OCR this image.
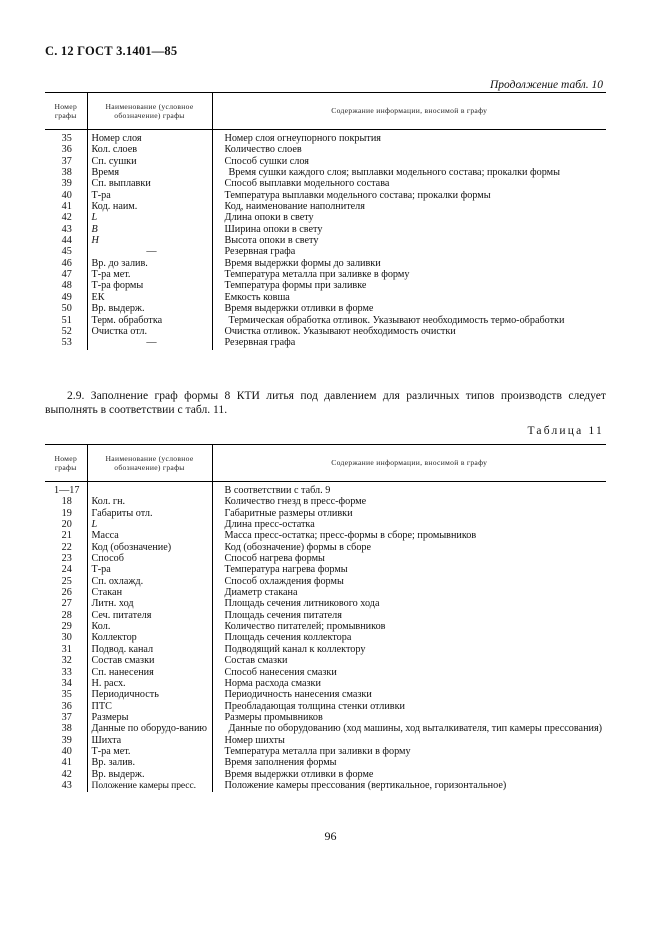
С. 12 ГОСТ 3.1401—85
Продолжение табл. 10
Номер графы	Наименование (условное обозначение) графы	Содержание информации, вносимой в графу
35	Номер слоя	Номер слоя огнеупорного покрытия
36	Кол. слоев	Количество слоев
37	Сп. сушки	Способ сушки слоя
38	Время	Время сушки каждого слоя; выплавки модельного состава; прокалки формы

39	Сп. выплавки	Способ выплавки модельного состава
40	Т-ра	Температура выплавки модельного состава; прокалки формы
41	Код. наим.	Код, наименование наполнителя
42	L	Длина опоки в свету
43	B	Ширина опоки в свету
44	H	Высота опоки в свету
45	—	Резервная графа
46	Вр. до залив.	Время выдержки формы до заливки
47	Т-ра мет.	Температура металла при заливке в форму
48	Т-ра формы	Температура формы при заливке
49	ЕК	Емкость ковша
50	Вр. выдерж.	Время выдержки отливки в форме
51	Терм. обработка	Термическая обработка отливок. Указывают необходимость термо-обработки

52	Очистка отл.	Очистка отливок. Указывают необходимость очистки
53	—	Резервная графа

2.9. Заполнение граф формы 8 КТИ литья под давлением для различных типов производств следует выполнять в соответствии с табл. 11.

Таблица 11
Номер графы	Наименование (условное обозначение) графы	Содержание информации, вносимой в графу
1—17		В соответствии с табл. 9
18	Кол. гн.	Количество гнезд в пресс-форме
19	Габариты отл.	Габаритные размеры отливки
20	L	Длина пресс-остатка
21	Масса	Масса пресс-остатка; пресс-формы в сборе; промывников
22	Код (обозначение)	Код (обозначение) формы в сборе
23	Способ	Способ нагрева формы
24	Т-ра	Температура нагрева формы
25	Сп. охлажд.	Способ охлаждения формы
26	Стакан	Диаметр стакана
27	Литн. ход	Площадь сечения литникового хода
28	Сеч. питателя	Площадь сечения питателя
29	Кол.	Количество питателей; промывников
30	Коллектор	Площадь сечения коллектора
31	Подвод. канал	Подводящий канал к коллектору
32	Состав смазки	Состав смазки
33	Сп. нанесения	Способ нанесения смазки
34	Н. расх.	Норма расхода смазки
35	Периодичность	Периодичность нанесения смазки
36	ПТС	Преобладающая толщина стенки отливки
37	Размеры	Размеры промывников
38	Данные по оборудо-ванию	Данные по оборудованию (ход машины, ход выталкивателя, тип камеры прессования)

39	Шихта	Номер шихты
40	Т-ра мет.	Температура металла при заливки в форму
41	Вр. залив.	Время заполнения формы
42	Вр. выдерж.	Время выдержки отливки в форме
43	Положение камеры пресс.	Положение камеры прессования (вертикальное, горизонтальное)
96
